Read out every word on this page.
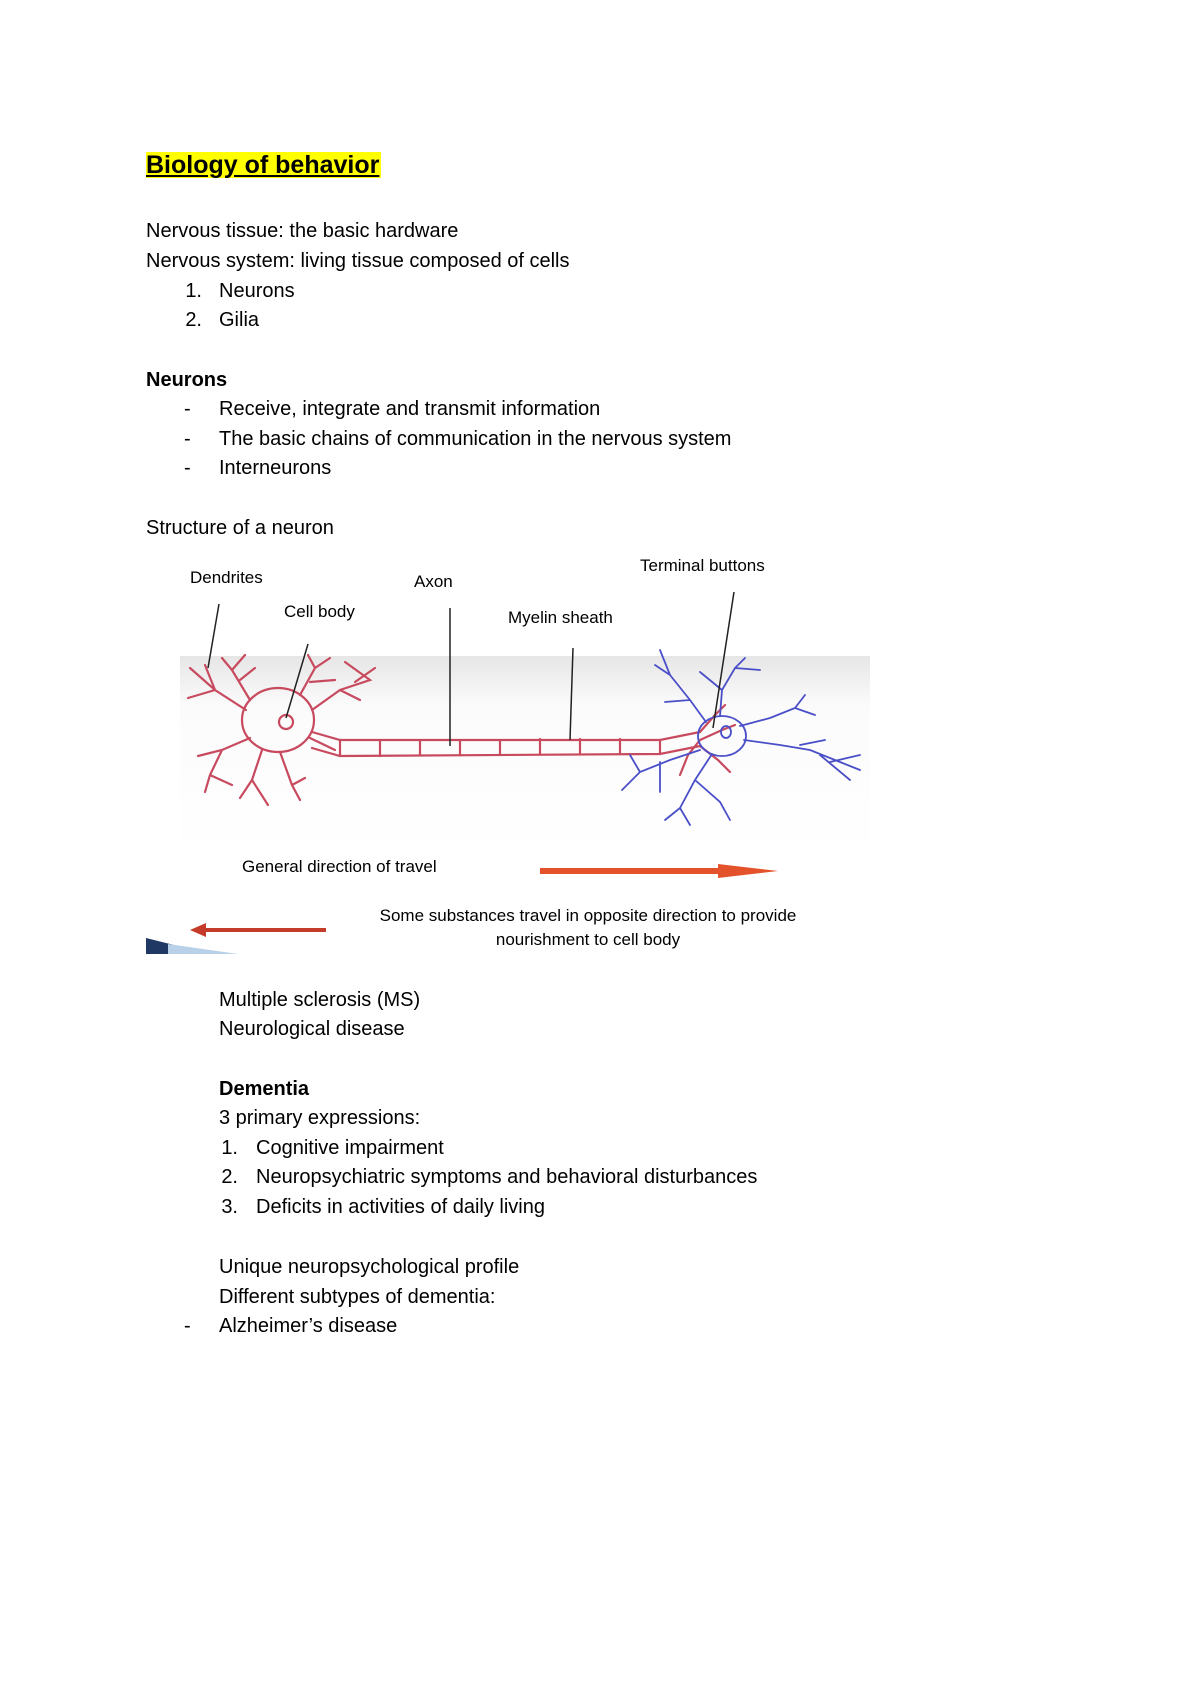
Biology of behavior
Nervous tissue: the basic hardware
Nervous system: living tissue composed of cells
1. Neurons
2. Gilia
Neurons
- Receive, integrate and transmit information
- The basic chains of communication in the nervous system
- Interneurons
Structure of a neuron
Dendrites
Cell body
Axon
Myelin sheath
Terminal buttons
General direction of travel
Some substances travel in opposite direction to provide
nourishment to cell body
Multiple sclerosis (MS)
Neurological disease
Dementia
3 primary expressions:
1. Cognitive impairment
2. Neuropsychiatric symptoms and behavioral disturbances
3. Deficits in activities of daily living
Unique neuropsychological profile
Different subtypes of dementia:
- Alzheimer’s disease
